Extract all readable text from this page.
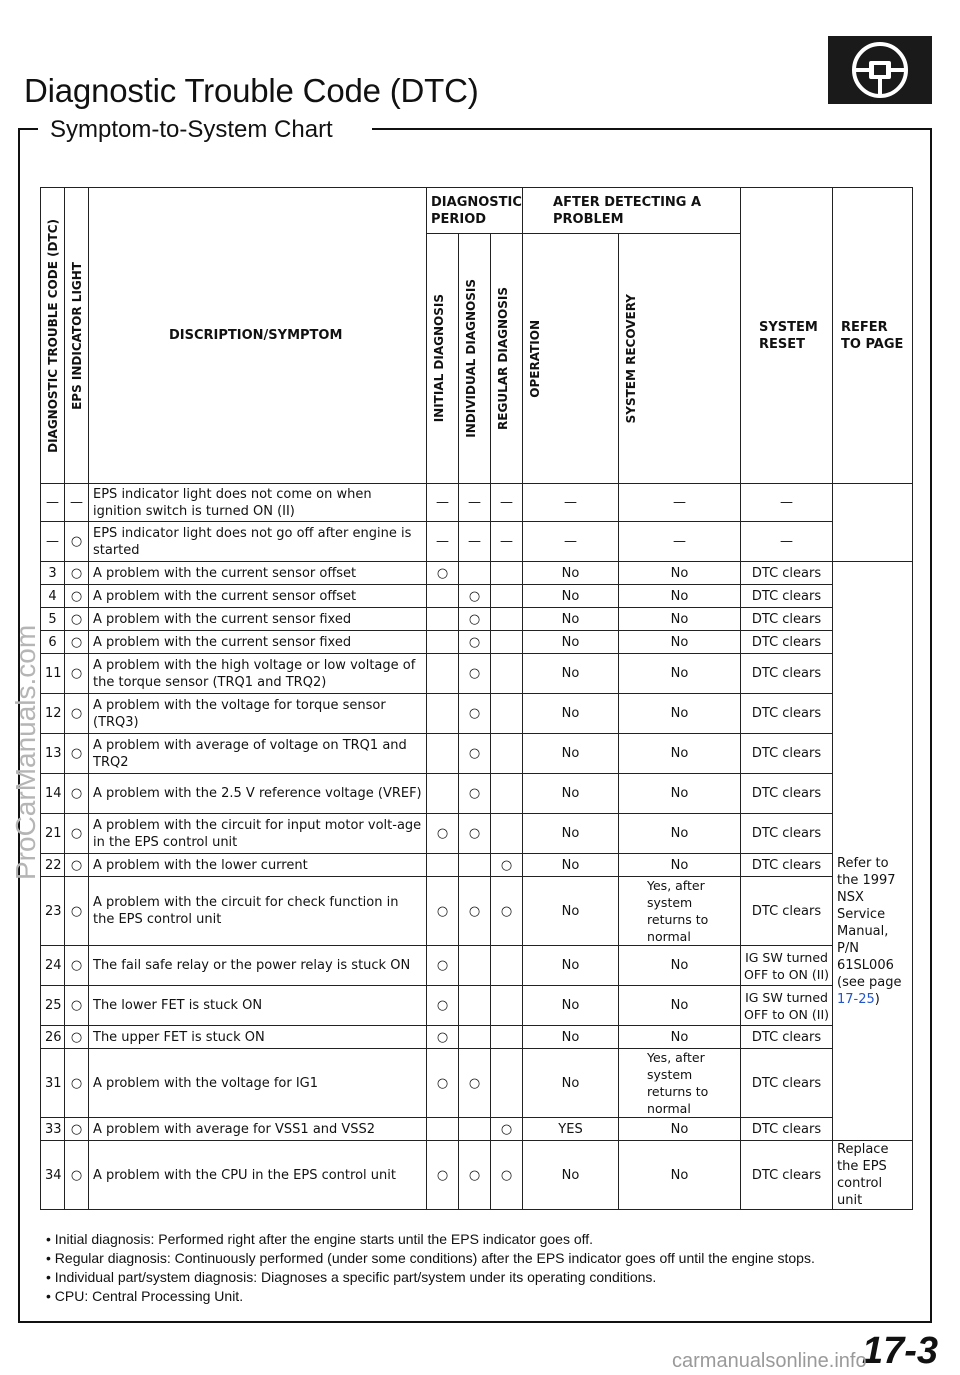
Diagnostic Trouble Code (DTC)
Symptom-to-System Chart
DIAGNOSTIC TROUBLE CODE (DTC)	EPS INDICATOR LIGHT	DISCRIPTION/SYMPTOM	DIAGNOSTIC PERIOD			AFTER DETECTING A PROBLEM		SYSTEM RESET	REFER TO PAGE

			INITIAL DIAGNOSIS	INDIVIDUAL DIAGNOSIS	REGULAR DIAGNOSIS	OPERATION	SYSTEM RECOVERY		

—	—	EPS indicator light does not come on when ignition switch is turned ON (II)	—	—	—	—	—	—	
—	○	EPS indicator light does not go off after engine is started	—	—	—	—	—	—	
3	○	A problem with the current sensor offset	○			No	No	DTC clears	Refer to the 1997 NSX Service Manual, P/N 61SL006 (see page
17-25)

4	○	A problem with the current sensor offset		○		No	No	DTC clears	
5	○	A problem with the current sensor fixed		○		No	No	DTC clears	
6	○	A problem with the current sensor fixed		○		No	No	DTC clears	
11	○	A problem with the high voltage or low voltage of the torque sensor (TRQ1 and TRQ2)		○		No	No	DTC clears	
12	○	A problem with the voltage for torque sensor (TRQ3)		○		No	No	DTC clears	
13	○	A problem with average of voltage on TRQ1 and TRQ2		○		No	No	DTC clears	
14	○	A problem with the 2.5 V reference voltage (VREF)		○		No	No	DTC clears	
21	○	A problem with the circuit for input motor volt-age in the EPS control unit	○	○		No	No	DTC clears	
22	○	A problem with the lower current			○	No	No	DTC clears	
23	○	A problem with the circuit for check function in the EPS control unit	○	○	○	No	Yes, after system returns to normal	DTC clears	
24	○	The fail safe relay or the power relay is stuck ON	○			No	No	IG SW turned OFF to ON (II)	
25	○	The lower FET is stuck ON	○			No	No	IG SW turned OFF to ON (II)	
26	○	The upper FET is stuck ON	○			No	No	DTC clears	
31	○	A problem with the voltage for IG1	○	○		No	Yes, after system returns to normal	DTC clears	
33	○	A problem with average for VSS1 and VSS2			○	YES	No	DTC clears	
34	○	A problem with the CPU in the EPS control unit	○	○	○	No	No	DTC clears	Replace the EPS control unit
• Initial diagnosis: Performed right after the engine starts until the EPS indicator goes off.
• Regular diagnosis: Continuously performed (under some conditions) after the EPS indicator goes off until the engine stops.
• Individual part/system diagnosis: Diagnoses a specific part/system under its operating conditions.
• CPU: Central Processing Unit.
ProCarManuals.com
17-3
carmanualsonline.info
